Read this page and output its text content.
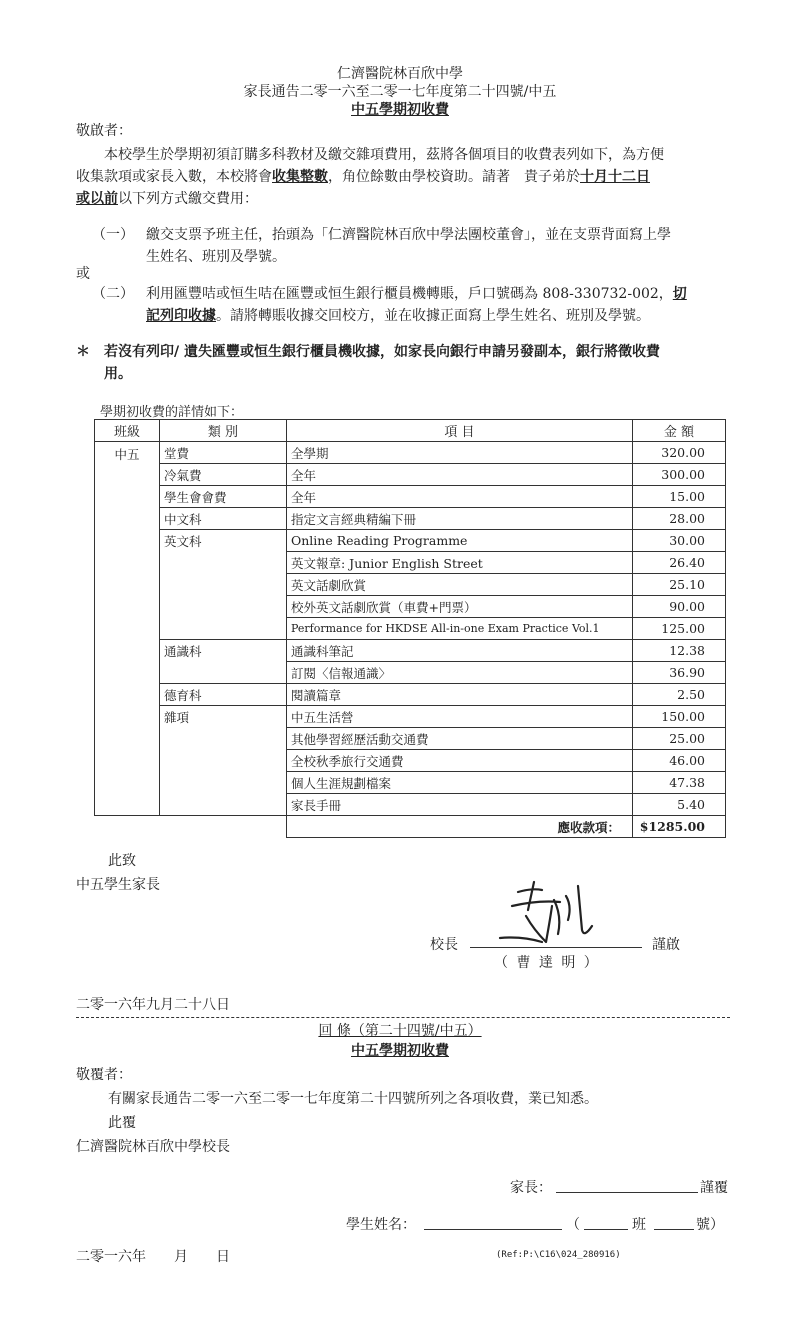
仁濟醫院林百欣中學
家長通告二零一六至二零一七年度第二十四號/中五
中五學期初收費
敬啟者：
本校學生於學期初須訂購多科教材及繳交雜項費用，茲將各個項目的收費表列如下，為方便
收集款項或家長入數，本校將會收集整數，角位餘數由學校資助。請著　貴子弟於十月十二日
或以前以下列方式繳交費用：
（一） 繳交支票予班主任，抬頭為「仁濟醫院林百欣中學法團校董會」，並在支票背面寫上學
生姓名、班別及學號。
或
（二） 利用匯豐咭或恒生咭在匯豐或恒生銀行櫃員機轉賬，戶口號碼為 808-330732-002，切
記列印收據。請將轉賬收據交回校方，並在收據正面寫上學生姓名、班別及學號。
＊ 若沒有列印/ 遺失匯豐或恒生銀行櫃員機收據，如家長向銀行申請另發副本，銀行將徵收費
用。
學期初收費的詳情如下：
班級	類 別	項 目	金 額
中五	堂費	全學期	320.00
	冷氣費	全年	300.00
	學生會會費	全年	15.00
	中文科	指定文言經典精編下冊	28.00
	英文科	Online Reading Programme	30.00
		英文報章: Junior English Street	26.40
		英文話劇欣賞	25.10
		校外英文話劇欣賞（車費+門票）	90.00
		Performance for HKDSE All-in-one Exam Practice Vol.1	125.00
	通識科	通識科筆記	12.38
		訂閱〈信報通識〉	36.90
	德育科	閱讀篇章	2.50
	雜項	中五生活營	150.00
		其他學習經歷活動交通費	25.00
		全校秋季旅行交通費	46.00
		個人生涯規劃檔案	47.38
		家長手冊	5.40
		應收款項：	$1285.00
此致
中五學生家長
校長	謹啟
（ 曹 達 明 ）
二零一六年九月二十八日
回 條（第二十四號/中五）
中五學期初收費
敬覆者：
有關家長通告二零一六至二零一七年度第二十四號所列之各項收費，業已知悉。
此覆
仁濟醫院林百欣中學校長
家長：	謹覆
學生姓名：	（	班	號）
二零一六年　　月　　日	(Ref:P:\C16\024_280916)
